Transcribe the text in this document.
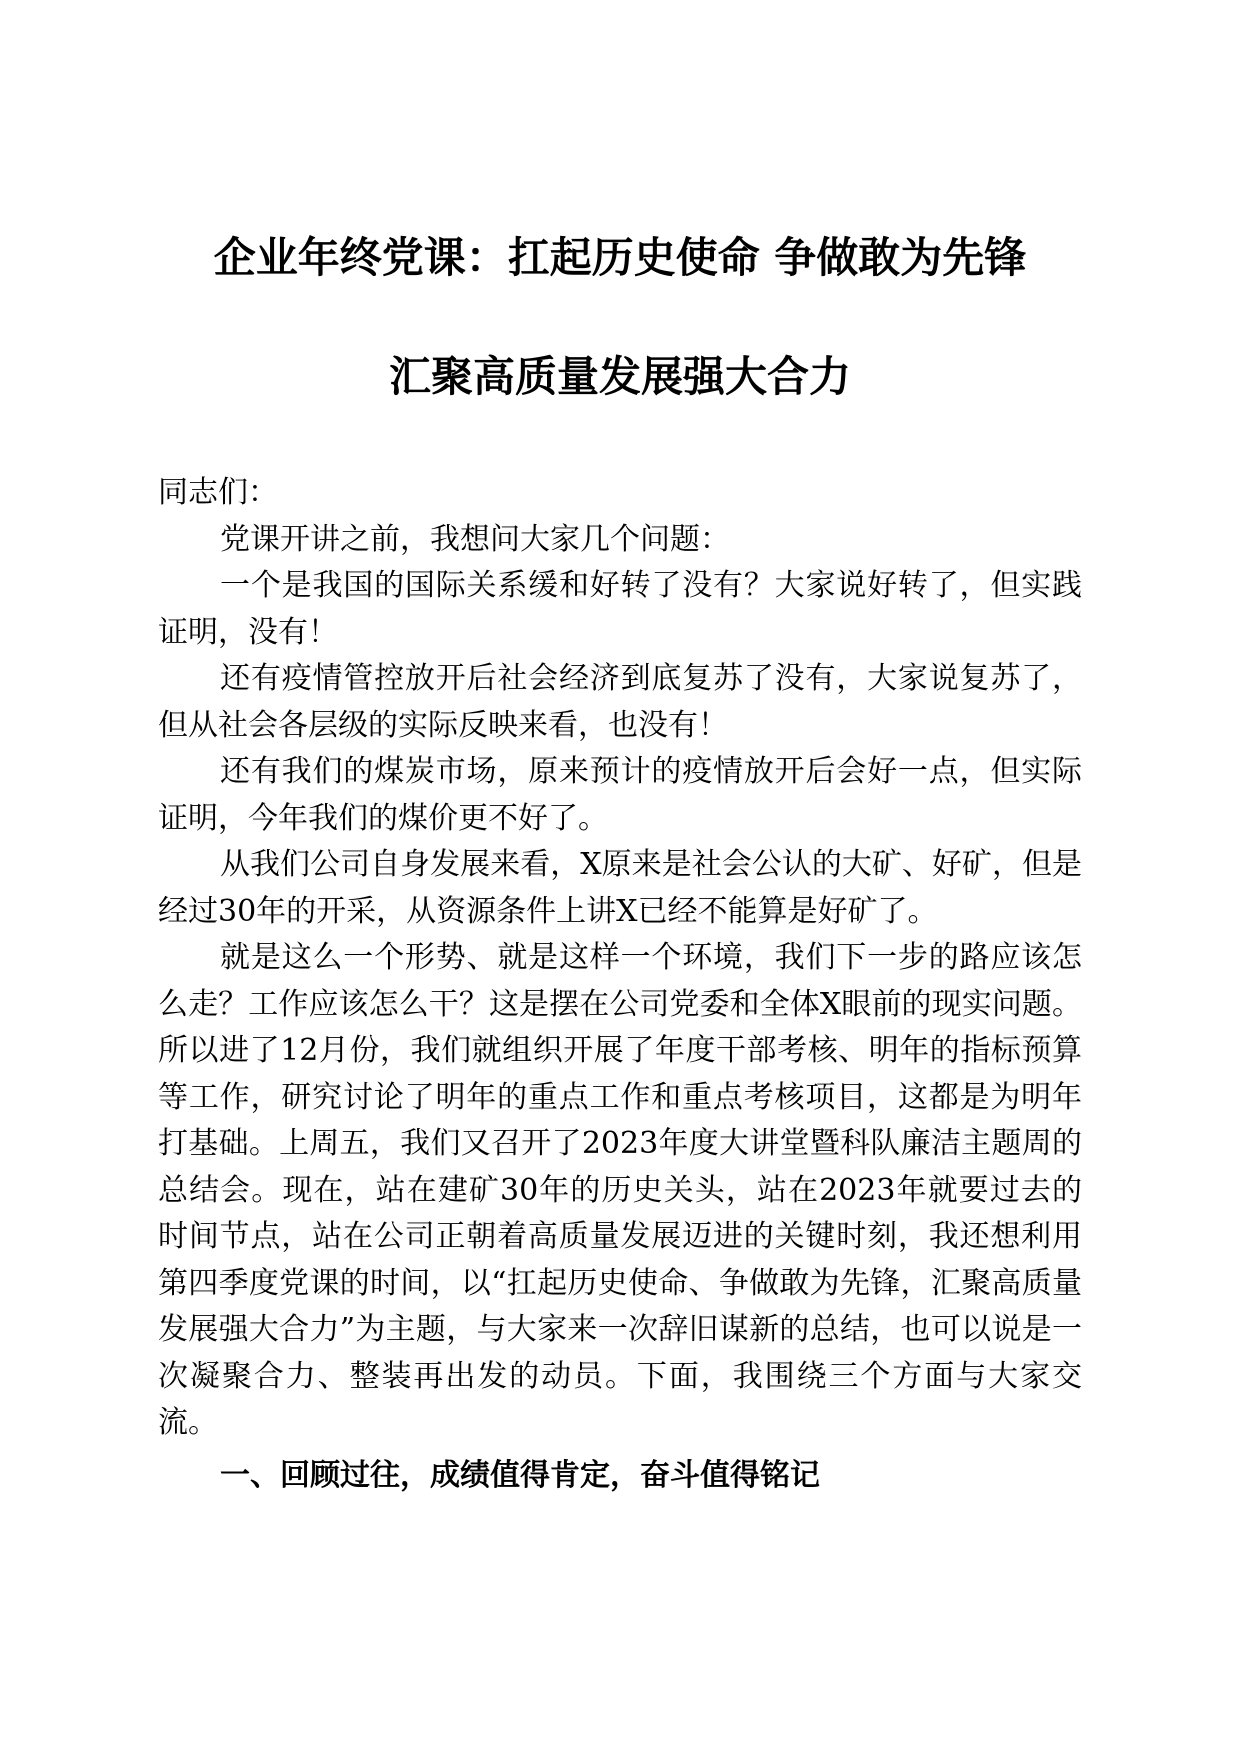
企业年终党课：扛起历史使命 争做敢为先锋
汇聚高质量发展强大合力

同志们：

党课开讲之前，我想问大家几个问题：

一个是我国的国际关系缓和好转了没有？大家说好转了，但实践证明，没有！

还有疫情管控放开后社会经济到底复苏了没有，大家说复苏了，但从社会各层级的实际反映来看，也没有！

还有我们的煤炭市场，原来预计的疫情放开后会好一点，但实际证明，今年我们的煤价更不好了。

从我们公司自身发展来看，X原来是社会公认的大矿、好矿，但是经过30年的开采，从资源条件上讲X已经不能算是好矿了。

就是这么一个形势、就是这样一个环境，我们下一步的路应该怎么走？工作应该怎么干？这是摆在公司党委和全体X眼前的现实问题。所以进了12月份，我们就组织开展了年度干部考核、明年的指标预算等工作，研究讨论了明年的重点工作和重点考核项目，这都是为明年打基础。上周五，我们又召开了2023年度大讲堂暨科队廉洁主题周的总结会。现在，站在建矿30年的历史关头，站在2023年就要过去的时间节点，站在公司正朝着高质量发展迈进的关键时刻，我还想利用第四季度党课的时间，以“扛起历史使命、争做敢为先锋，汇聚高质量发展强大合力”为主题，与大家来一次辞旧谋新的总结，也可以说是一次凝聚合力、整装再出发的动员。下面，我围绕三个方面与大家交流。

一、回顾过往，成绩值得肯定，奋斗值得铭记
